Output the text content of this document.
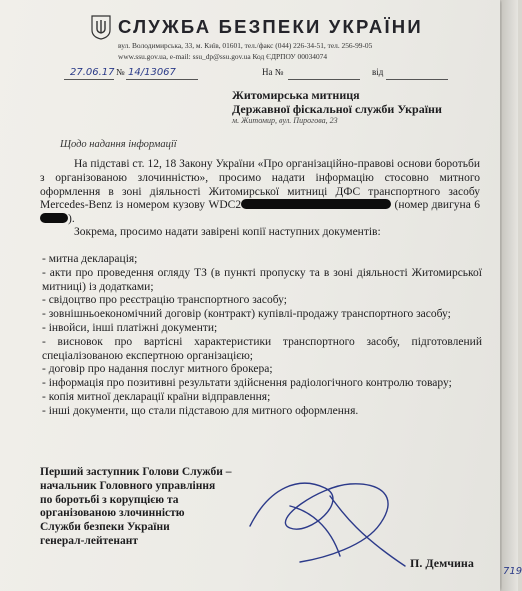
СЛУЖБА БЕЗПЕКИ УКРАЇНИ
вул. Володимирська, 33, м. Київ, 01601, тел./факс (044) 226-34-51, тел. 256-99-05
www.ssu.gov.ua, e-mail: ssu_dp@ssu.gov.ua Код ЄДРПОУ 00034074
27.06.17 № 14/13067	На №	від
Житомирська митниця
Державної фіскальної служби України
м. Житомир, вул. Пирогова, 23
Щодо надання інформації

На підставі ст. 12, 18 Закону України «Про організаційно-правові основи боротьби з організованою злочинністю», просимо надати інформацію стосовно митного оформлення в зоні діяльності Житомирської митниці ДФС транспортного засобу Mercedes-Benz із номером кузову WDC2	(номер двигуна 6).

Зокрема, просимо надати завірені копії наступних документів:

- митна декларація;
- акти про проведення огляду ТЗ (в пункті пропуску та в зоні діяльності Житомирської митниці) із додатками;
- свідоцтво про реєстрацію транспортного засобу;
- зовнішньоекономічний договір (контракт) купівлі-продажу транспортного засобу;
- інвойси, інші платіжні документи;
- висновок про вартісні характеристики транспортного засобу, підготовлений спеціалізованою експертною організацією;
- договір про надання послуг митного брокера;
- інформація про позитивні результати здійснення радіологічного контролю товару;
- копія митної декларації країни відправлення;
- інші документи, що стали підставою для митного оформлення.
Перший заступник Голови Служби –
начальник Головного управління
по боротьбі з корупцією та
організованою злочинністю
Служби безпеки України
генерал-лейтенант
П. Демчина
719
